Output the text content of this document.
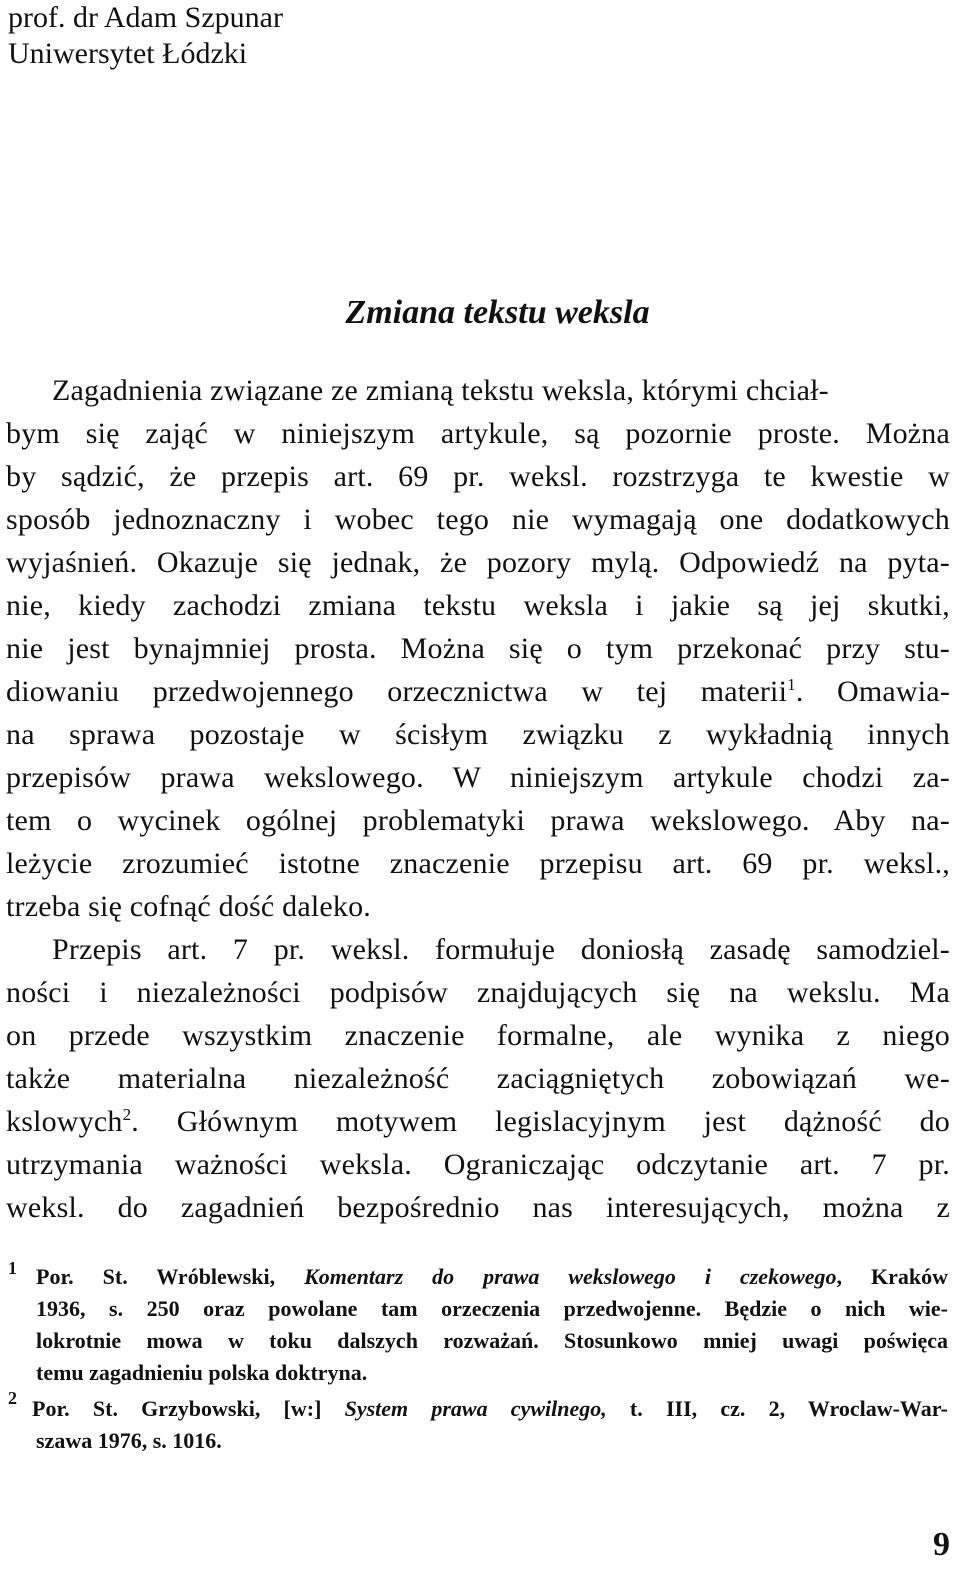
prof. dr Adam Szpunar
Uniwersytet Łódzki
Zmiana tekstu weksla
Zagadnienia związane ze zmianą tekstu weksla, którymi chciał-
bym się zająć w niniejszym artykule, są pozornie proste. Można
by sądzić, że przepis art. 69 pr. weksl. rozstrzyga te kwestie w
sposób jednoznaczny i wobec tego nie wymagają one dodatkowych
wyjaśnień. Okazuje się jednak, że pozory mylą. Odpowiedź na pyta-
nie, kiedy zachodzi zmiana tekstu weksla i jakie są jej skutki,
nie jest bynajmniej prosta. Można się o tym przekonać przy stu-
diowaniu przedwojennego orzecznictwa w tej materii$^1$. Omawia-
na sprawa pozostaje w ścisłym związku z wykładnią innych
przepisów prawa wekslowego. W niniejszym artykule chodzi za-
tem o wycinek ogólnej problematyki prawa wekslowego. Aby na-
leżycie zrozumieć istotne znaczenie przepisu art. 69 pr. weksl.,
trzeba się cofnąć dość daleko.
Przepis art. 7 pr. weksl. formułuje doniosłą zasadę samodziel-
ności i niezależności podpisów znajdujących się na wekslu. Ma
on przede wszystkim znaczenie formalne, ale wynika z niego
także materialna niezależność zaciągniętych zobowiązań we-
kslowych$^2$. Głównym motywem legislacyjnym jest dążność do
utrzymania ważności weksla. Ograniczając odczytanie art. 7 pr.
weksl. do zagadnień bezpośrednio nas interesujących, można z
1 Por. St. Wróblewski, Komentarz do prawa wekslowego i czekowego, Kraków
1936, s. 250 oraz powolane tam orzeczenia przedwojenne. Będzie o nich wie-
lokrotnie mowa w toku dalszych rozważań. Stosunkowo mniej uwagi poświęca
temu zagadnieniu polska doktryna.
2 Por. St. Grzybowski, [w:] System prawa cywilnego, t. III, cz. 2, Wroclaw-War-
szawa 1976, s. 1016.
9
